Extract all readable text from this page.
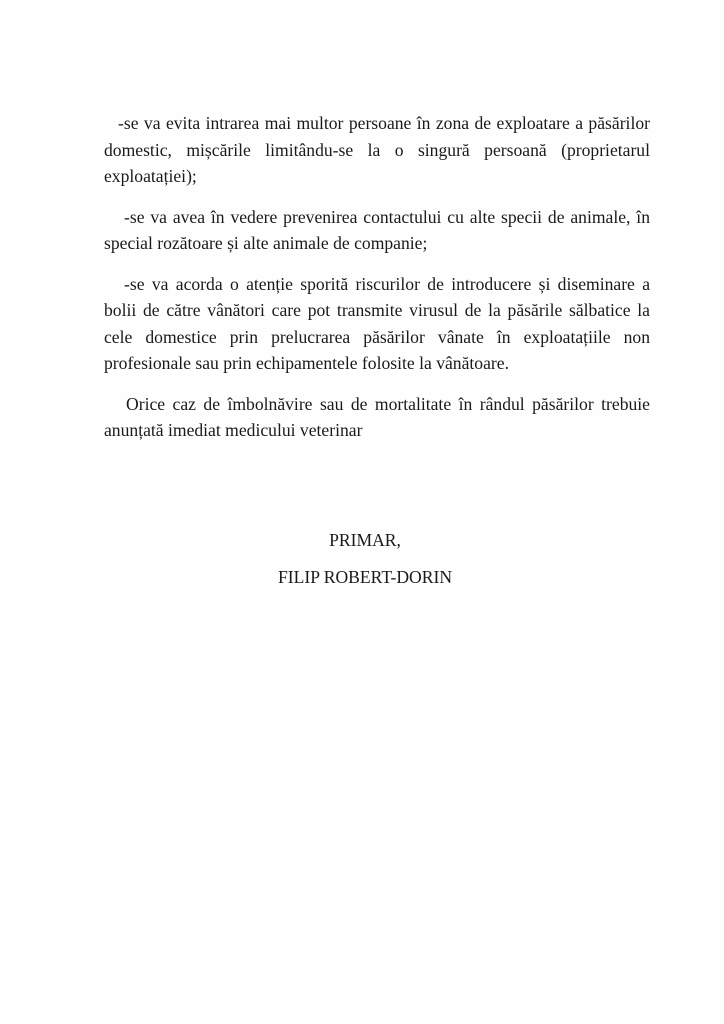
-se va evita intrarea mai multor persoane în zona de exploatare a păsărilor domestic, mișcările limitându-se la o singură persoană (proprietarul exploatației);

-se va avea în vedere prevenirea contactului cu alte specii de animale, în special rozătoare și alte animale de companie;

-se va acorda o atenție sporită riscurilor de introducere și diseminare a bolii de către vânători care pot transmite virusul de la păsările sălbatice la cele domestice prin prelucrarea păsărilor vânate în exploatațiile non profesionale sau prin echipamentele folosite la vânătoare.

Orice caz de îmbolnăvire sau de mortalitate în rândul păsărilor trebuie anunțată imediat medicului veterinar

PRIMAR,
FILIP ROBERT-DORIN
